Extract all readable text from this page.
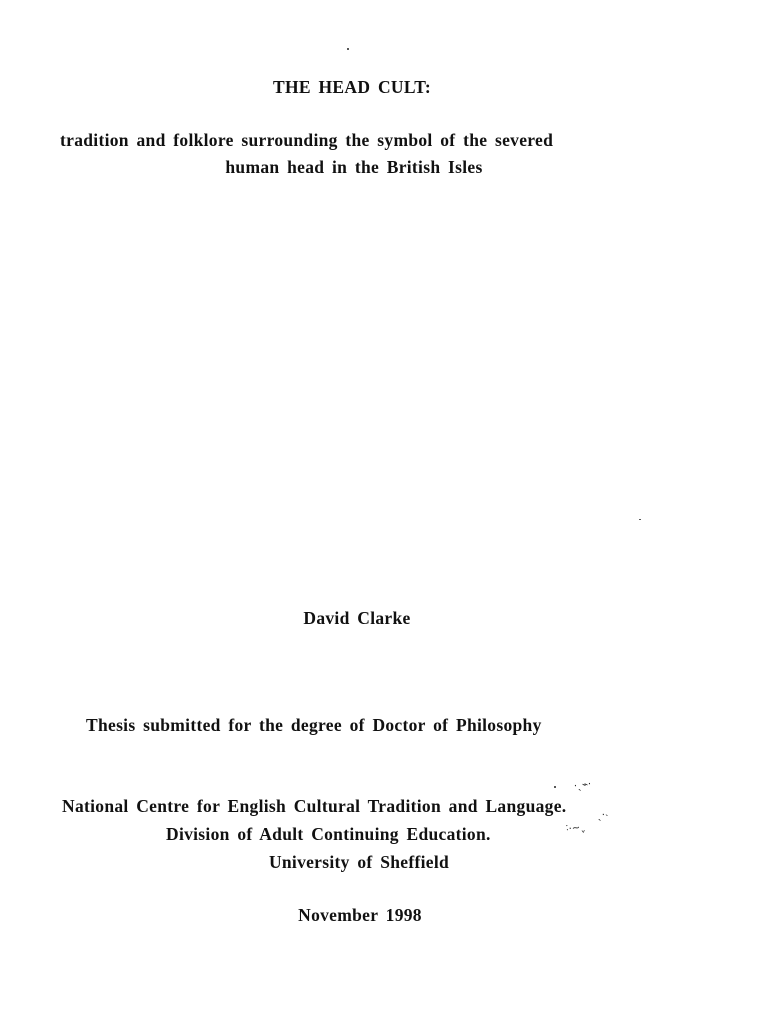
THE HEAD CULT:
tradition and folklore surrounding the symbol of the severed
human head in the British Isles
David Clarke
Thesis submitted for the degree of Doctor of Philosophy
National Centre for English Cultural Tradition and Language.
Division of Adult Continuing Education.
University of Sheffield
November 1998
·ˎ⌁·
ˎ·˴
˸·~ˬ
